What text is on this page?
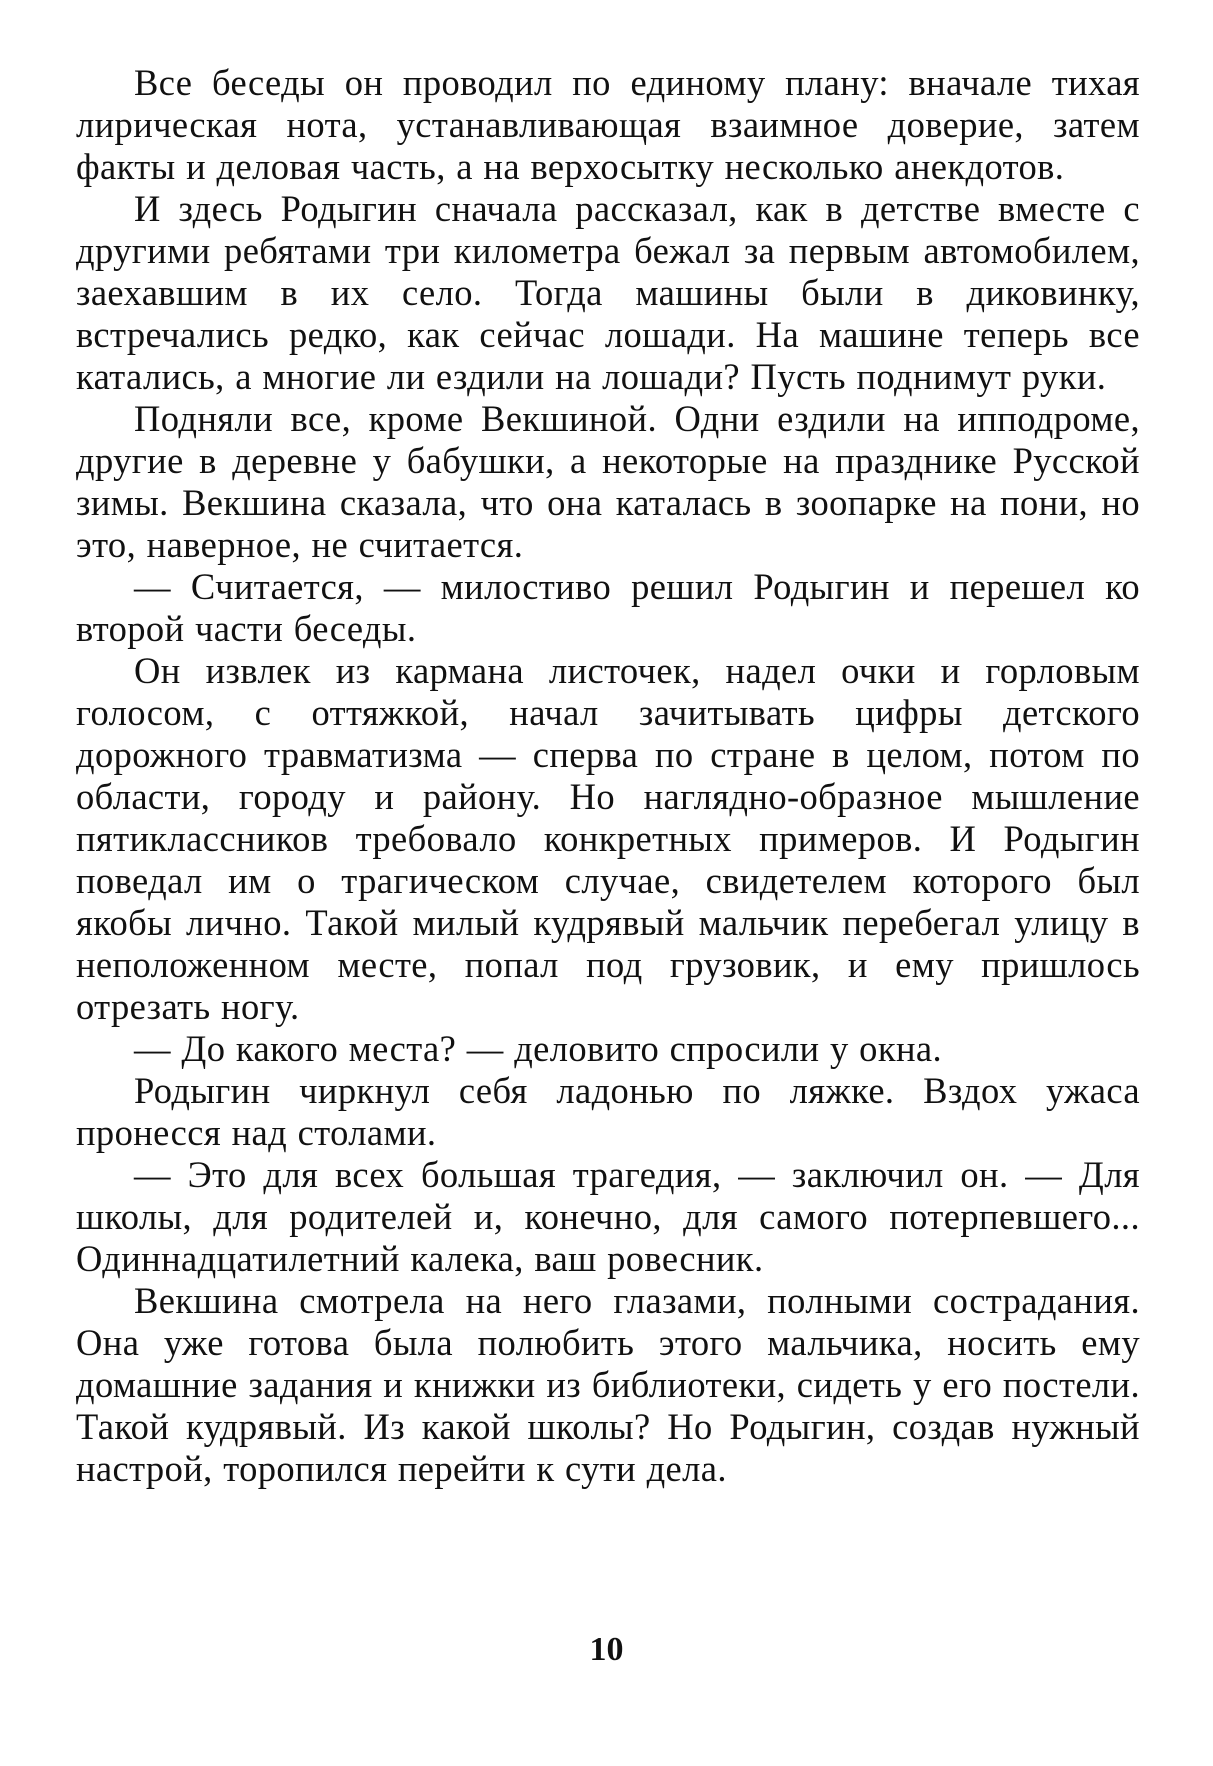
Все беседы он проводил по единому плану: вначале тихая лирическая нота, устанавливающая взаимное доверие, затем факты и деловая часть, а на верхосытку несколько анекдотов.

И здесь Родыгин сначала рассказал, как в детстве вместе с другими ребятами три километра бежал за первым автомобилем, заехавшим в их село. Тогда машины были в диковинку, встречались редко, как сейчас лошади. На машине теперь все катались, а многие ли ездили на лошади? Пусть поднимут руки.

Подняли все, кроме Векшиной. Одни ездили на ипподроме, другие в деревне у бабушки, а некоторые на празднике Русской зимы. Векшина сказала, что она каталась в зоопарке на пони, но это, наверное, не считается.

— Считается, — милостиво решил Родыгин и перешел ко второй части беседы.

Он извлек из кармана листочек, надел очки и горловым голосом, с оттяжкой, начал зачитывать цифры детского дорожного травматизма — сперва по стране в целом, потом по области, городу и району. Но наглядно-образное мышление пятиклассников требовало конкретных примеров. И Родыгин поведал им о трагическом случае, свидетелем которого был якобы лично. Такой милый кудрявый мальчик перебегал улицу в неположенном месте, попал под грузовик, и ему пришлось отрезать ногу.

— До какого места? — деловито спросили у окна.

Родыгин чиркнул себя ладонью по ляжке. Вздох ужаса пронесся над столами.

— Это для всех большая трагедия, — заключил он. — Для школы, для родителей и, конечно, для самого потерпевшего... Одиннадцатилетний калека, ваш ровесник.

Векшина смотрела на него глазами, полными сострадания. Она уже готова была полюбить этого мальчика, носить ему домашние задания и книжки из библиотеки, сидеть у его постели. Такой кудрявый. Из какой школы? Но Родыгин, создав нужный настрой, торопился перейти к сути дела.

10
